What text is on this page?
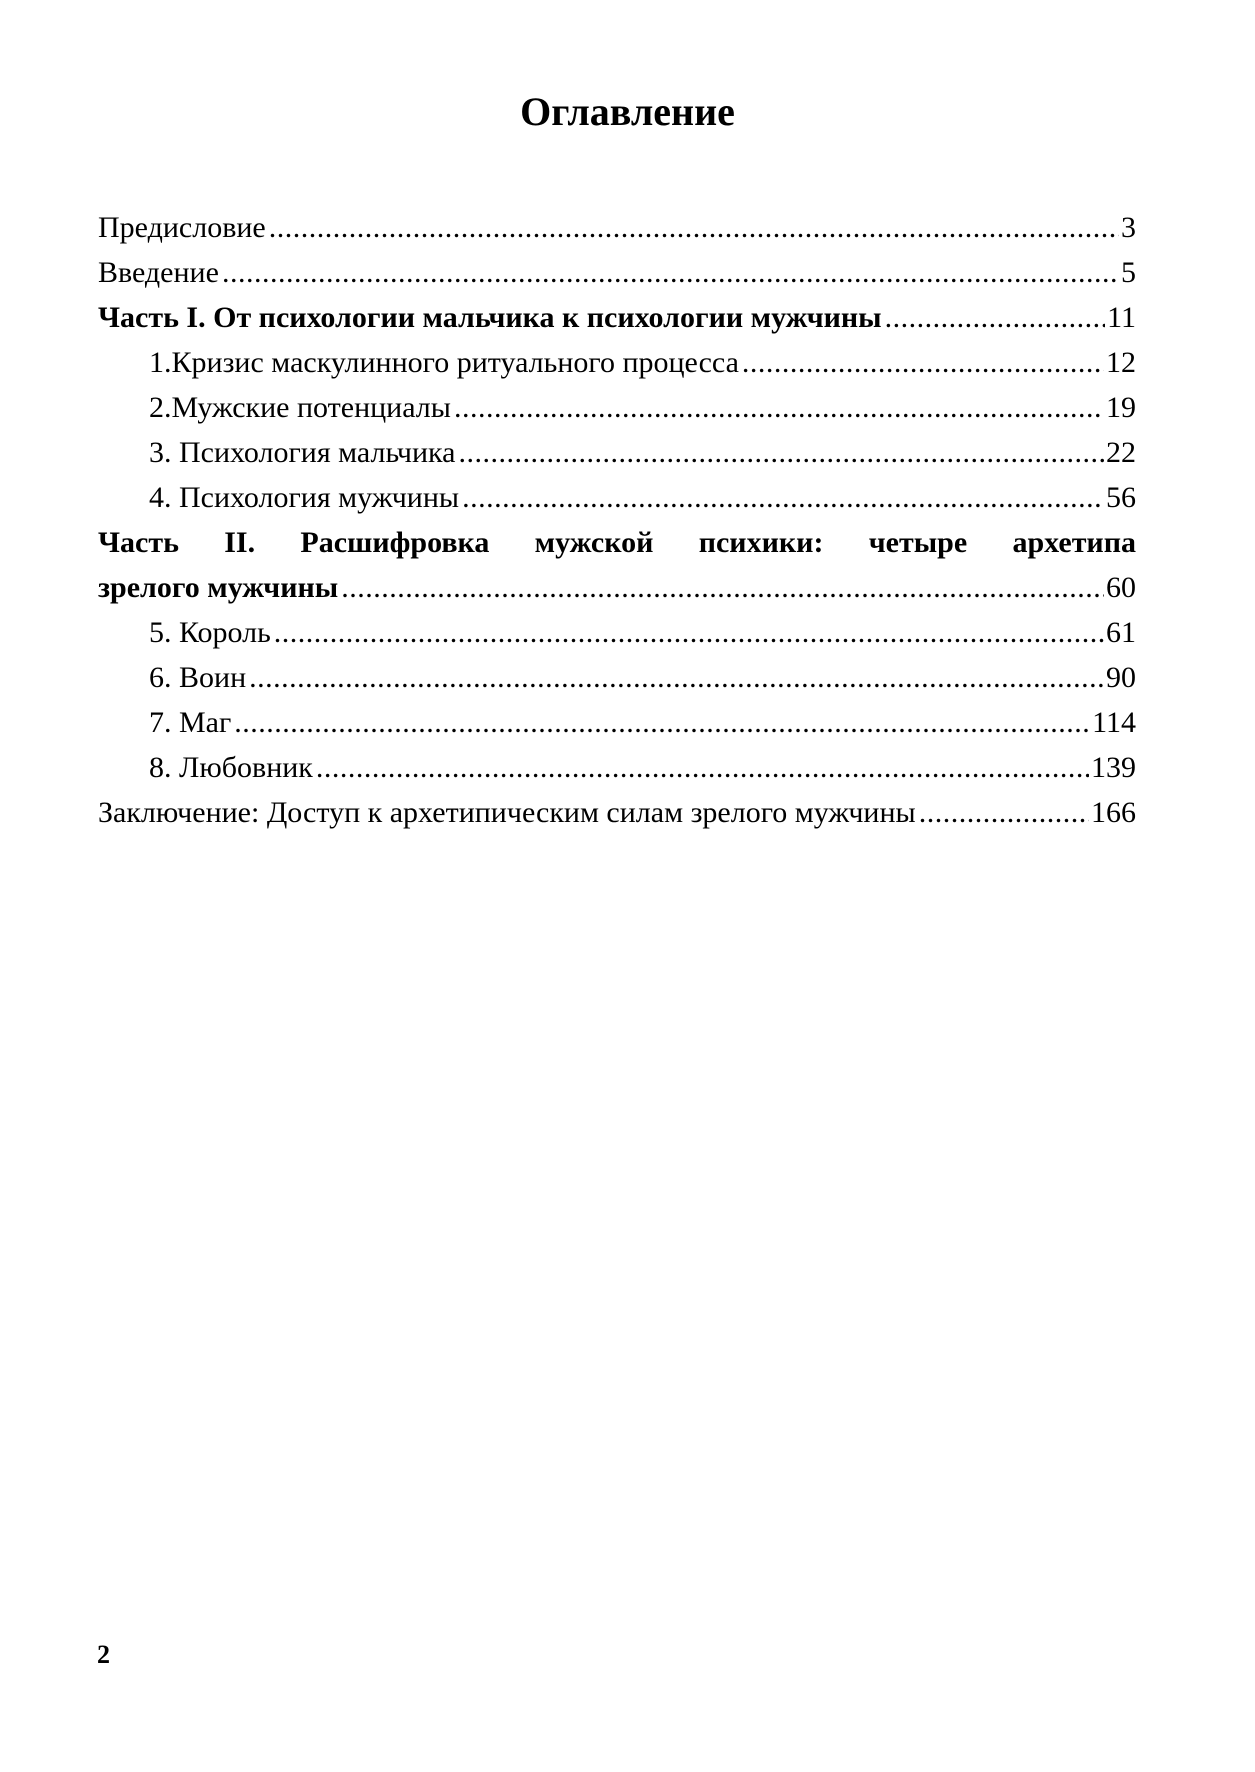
Оглавление
Предисловие .....	3
Введение .....	5
Часть I. От психологии мальчика к психологии мужчины .....	11
1.Кризис маскулинного ритуального процесса .....	12
2.Мужские потенциалы .....	19
3. Психология мальчика .....	22
4. Психология мужчины .....	56
Часть II. Расшифровка мужской психики: четыре архетипа
зрелого мужчины .....	60
5. Король .....	61
6. Воин .....	90
7. Маг .....	114
8. Любовник .....	139
Заключение: Доступ к архетипическим силам зрелого мужчины .....	166
2
